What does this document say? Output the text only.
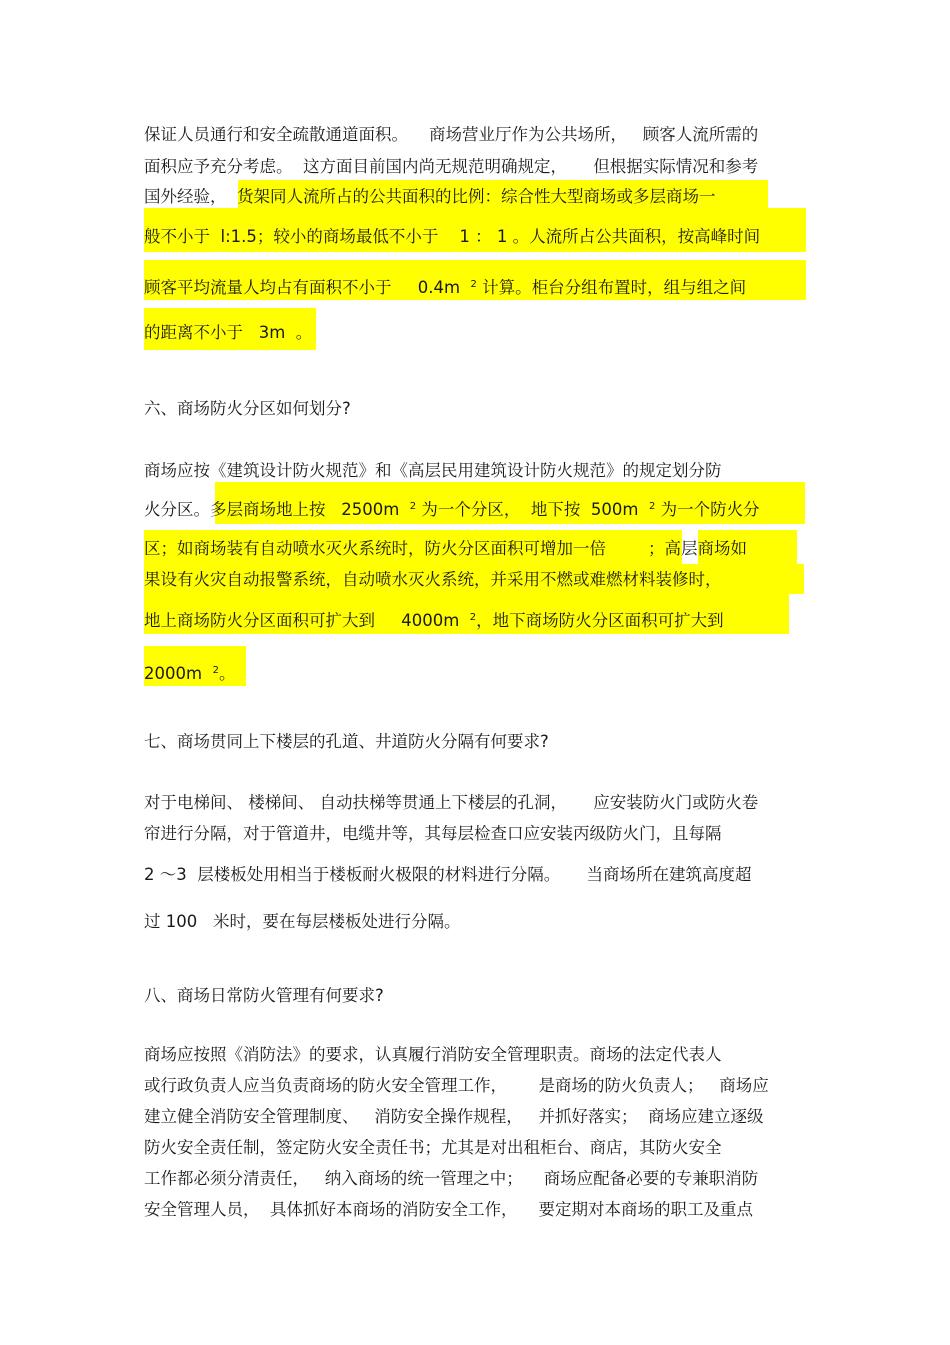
保证人员通行和安全疏散通道面积。    商场营业厅作为公共场所，   顾客人流所需的
面积应予充分考虑。  这方面目前国内尚无规范明确规定，     但根据实际情况和参考
国外经验，  货架同人流所占的公共面积的比例：综合性大型商场或多层商场一
般不小于  l:1.5；较小的商场最低不小于    1 ： 1 。人流所占公共面积，按高峰时间
顾客平均流量人均占有面积不小于     0.4m  $^2$ 计算。柜台分组布置时，组与组之间
的距离不小于   3m  。
六、商场防火分区如何划分?
商场应按《建筑设计防火规范》和《高层民用建筑设计防火规范》的规定划分防
火分区。多层商场地上按   2500m  $^2$ 为一个分区，  地下按  500m  $^2$ 为一个防火分
区；如商场装有自动喷水灭火系统时，防火分区面积可增加一倍        ；高层商场如
果设有火灾自动报警系统，自动喷水灭火系统，并采用不燃或难燃材料装修时，
地上商场防火分区面积可扩大到     4000m  $^2$，地下商场防火分区面积可扩大到
2000m  $^2$。
七、商场贯同上下楼层的孔道、井道防火分隔有何要求?
对于电梯间、 楼梯间、 自动扶梯等贯通上下楼层的孔洞，     应安装防火门或防火卷
帘进行分隔，对于管道井，电缆井等，其每层检查口应安装丙级防火门，且每隔
2 ～3  层楼板处用相当于楼板耐火极限的材料进行分隔。     当商场所在建筑高度超
过 100   米时，要在每层楼板处进行分隔。
八、商场日常防火管理有何要求?
商场应按照《消防法》的要求，认真履行消防安全管理职责。商场的法定代表人
或行政负责人应当负责商场的防火安全管理工作，      是商场的防火负责人；   商场应
建立健全消防安全管理制度、   消防安全操作规程，   并抓好落实；  商场应建立逐级
防火安全责任制，签定防火安全责任书；尤其是对出租柜台、商店，其防火安全
工作都必须分清责任，   纳入商场的统一管理之中；    商场应配备必要的专兼职消防
安全管理人员，  具体抓好本商场的消防安全工作，    要定期对本商场的职工及重点
